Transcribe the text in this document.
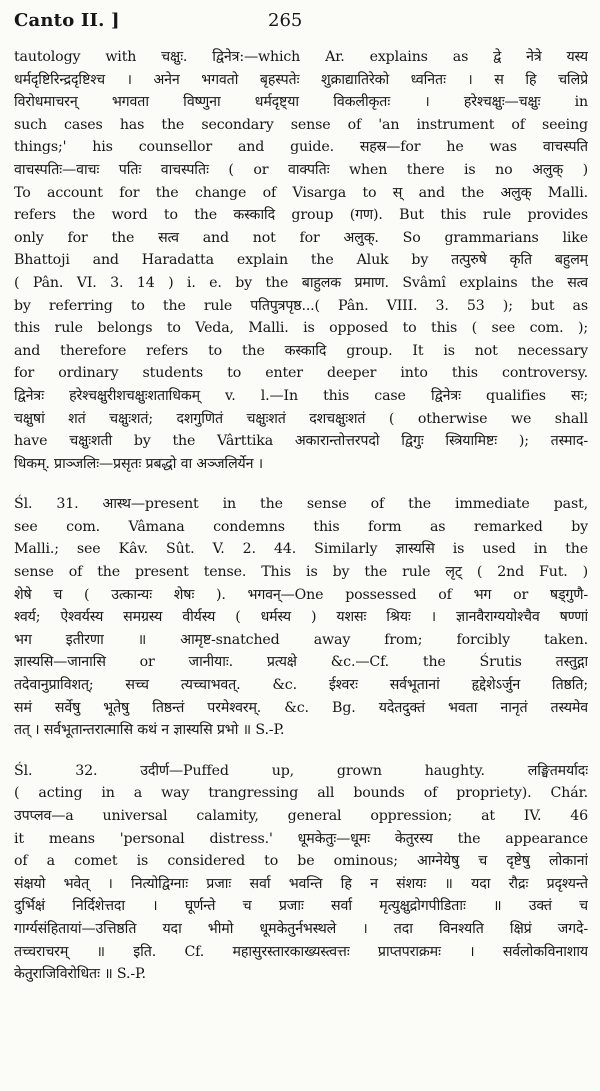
Canto II. ]	265
tautology with चक्षुः. द्विनेत्र:—which Ar. explains as द्वे नेत्रे यस्य
धर्मदृष्टिरिन्द्रदृष्टिश्च । अनेन भगवतो बृहस्पतेः शुक्राद्यातिरेको ध्वनितः । स हि चलिप्रे
विरोधमाचरन् भगवता विष्णुना धर्मदृष्ट्या विकलीकृतः । हरेश्चक्षुः—चक्षुः in
such cases has the secondary sense of 'an instrument of seeing
things;' his counsellor and guide. सहस्र—for he was वाचस्पति
वाचस्पतिः—वाचः पतिः वाचस्पतिः ( or वाक्पतिः when there is no अलुक् )
To account for the change of Visarga to स् and the अलुक् Malli.
refers the word to the कस्कादि group (गण). But this rule provides
only for the सत्व and not for अलुक्. So grammarians like
Bhattoji and Haradatta explain the Aluk by तत्पुरुषे कृति बहुलम्
( Pân. VI. 3. 14 ) i. e. by the बाहुलक प्रमाण. Svâmî explains the सत्व
by referring to the rule पतिपुत्रपृष्ठ...( Pân. VIII. 3. 53 ); but as
this rule belongs to Veda, Malli. is opposed to this ( see com. );
and therefore refers to the कस्कादि group. It is not necessary
for ordinary students to enter deeper into this controversy.
द्विनेत्रः हरेश्चक्षुरीशचक्षुःशताधिकम् v. l.—In this case द्विनेत्रः qualifies सः;
चक्षुषां शतं चक्षुःशतं; दशगुणितं चक्षुःशतं दशचक्षुःशतं ( otherwise we shall
have चक्षुःशती by the Vârttika अकारान्तोत्तरपदो द्विगुः स्त्रियामिष्टः ); तस्माद-
धिकम्. प्राञ्जलिः—प्रसृतः प्रबद्धो वा अञ्जलिर्येन ।
Śl. 31. आस्थ—present in the sense of the immediate past,
see com. Vâmana condemns this form as remarked by
Malli.; see Kâv. Sût. V. 2. 44. Similarly ज्ञास्यसि is used in the
sense of the present tense. This is by the rule लृट् ( 2nd Fut. )
शेषे च ( उत्कान्यः शेषः ). भगवन्—One possessed of भग or षड्गुणै-
श्वर्य; ऐश्वर्यस्य समग्रस्य वीर्यस्य ( धर्मस्य ) यशसः श्रियः । ज्ञानवैराग्ययोश्चैव षण्णां
भग इतीरणा ॥ आमृष्ट-snatched away from; forcibly taken.
ज्ञास्यसि—जानासि or जानीयाः. प्रत्यक्षे &c.—Cf. the Śrutis तस्तुद्गा
तदेवानुप्राविशत्; सच्च त्यच्चाभवत्. &c. ईश्वरः सर्वभूतानां हृद्देशेऽर्जुन तिष्ठति;
समं सर्वेषु भूतेषु तिष्ठन्तं परमेश्वरम्. &c. Bg. यदेतदुक्तं भवता नानृतं तस्यमेव
तत् । सर्वभूतान्तरात्मासि कथं न ज्ञास्यसि प्रभो ॥ S.-P.
Śl. 32. उदीर्ण—Puffed up, grown haughty. लङ्घितमर्यादः
( acting in a way trangressing all bounds of propriety). Chár.
उपप्लव—a universal calamity, general oppression; at IV. 46
it means 'personal distress.' धूमकेतुः—धूमः केतुरस्य the appearance
of a comet is considered to be ominous; आग्नेयेषु च दृष्टेषु लोकानां
संक्षयो भवेत् । नित्योद्विग्नाः प्रजाः सर्वा भवन्ति हि न संशयः ॥ यदा रौद्रः प्रदृश्यन्ते
दुर्भिक्षं निर्दिशेत्तदा । घूर्णन्ते च प्रजाः सर्वा मृत्युक्षुद्रोगपीडिताः ॥ उक्तं च
गार्ग्यसंहितायां—उत्तिष्ठति यदा भीमो धूमकेतुर्नभस्थले । तदा विनश्यति क्षिप्रं जगदे-
तच्चराचरम् ॥ इति. Cf. महासुरस्तारकाख्यस्त्वत्तः प्राप्तपराक्रमः । सर्वलोकविनाशाय
केतुराजिविरोधितः ॥ S.-P.
